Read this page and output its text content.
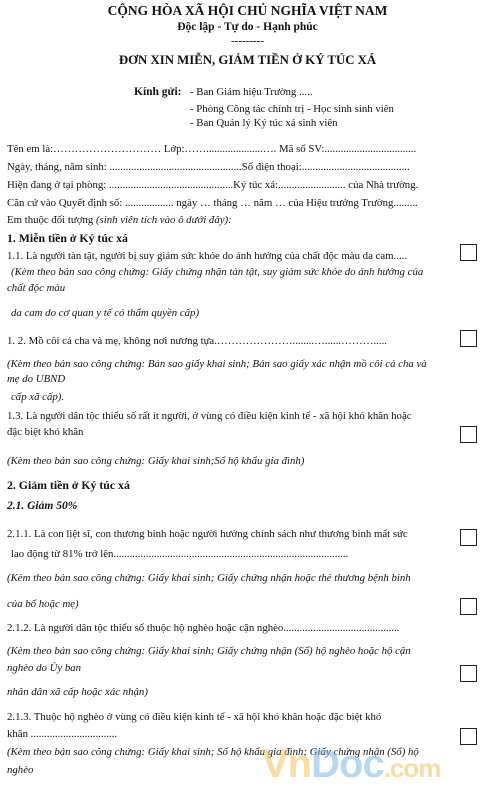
CỘNG HÒA XÃ HỘI CHỦ NGHĨA VIỆT NAM
Độc lập - Tự do - Hạnh phúc
---------
ĐƠN XIN MIỄN, GIẢM TIỀN Ở KÝ TÚC XÁ
Kính gửi: - Ban Giám hiệu Trường .....
- Phòng Công tác chính trị - Học sinh sinh viên
- Ban Quản lý Ký túc xá sinh viên
Tên em là:………………………… Lớp:…….....................…. Mã số SV:..................................
Ngày, tháng, năm sinh: .................................................Số điện thoại:........................................
Hiện đang ở tại phòng: ..............................................Ký túc xá:......................... của Nhà trường.
Căn cứ vào Quyết định số: .................. ngày … tháng … năm … của Hiệu trưởng Trường.........
Em thuộc đối tượng (sinh viên tích vào ô dưới đây):
1. Miễn tiền ở Ký túc xá
1.1. Là người tàn tật, người bị suy giảm sức khỏe do ảnh hưởng của chất độc màu da cam.....
(Kèm theo bản sao công chứng: Giấy chứng nhận tàn tật, suy giảm sức khỏe do ảnh hưởng của
chất độc màu
da cam do cơ quan y tế có thẩm quyền cấp)
1. 2. Mồ côi cả cha và mẹ, không nơi nương tựa.…………………........…......……….....
(Kèm theo bản sao công chứng: Bản sao giấy khai sinh; Bản sao giấy xác nhận mồ côi cả cha và
mẹ do UBND
cấp xã cấp).
1.3. Là người dân tộc thiểu số rất ít người, ở vùng có điều kiện kinh tế - xã hội khó khăn hoặc
đặc biệt khó khăn
(Kèm theo bản sao công chứng: Giấy khai sinh;Sổ hộ khẩu gia đình)
2. Giảm tiền ở Ký túc xá
2.1. Giảm 50%
2.1.1. Là con liệt sĩ, con thương binh hoặc người hưởng chính sách như thương binh mất sức
lao động từ 81% trở lên.......................................................................................
(Kèm theo bản sao công chứng: Giấy khai sinh; Giấy chứng nhận hoặc thẻ thương bệnh binh
của bố hoặc mẹ)
2.1.2. Là người dân tộc thiểu số thuộc hộ nghèo hoặc cận nghèo...........................................
(Kèm theo bản sao công chứng: Giấy khai sinh; Giấy chứng nhận (Sổ) hộ nghèo hoặc hộ cận
nghèo do Ủy ban
nhân dân xã cấp hoặc xác nhận)
2.1.3. Thuộc hộ nghèo ở vùng có điều kiện kinh tế - xã hội khó khăn hoặc đặc biệt khó
khăn ................................
(Kèm theo bản sao công chứng: Giấy khai sinh; Sổ hộ khẩu gia đình; Giấy chứng nhận (Sổ) hộ
nghèo	VnDoc.com
